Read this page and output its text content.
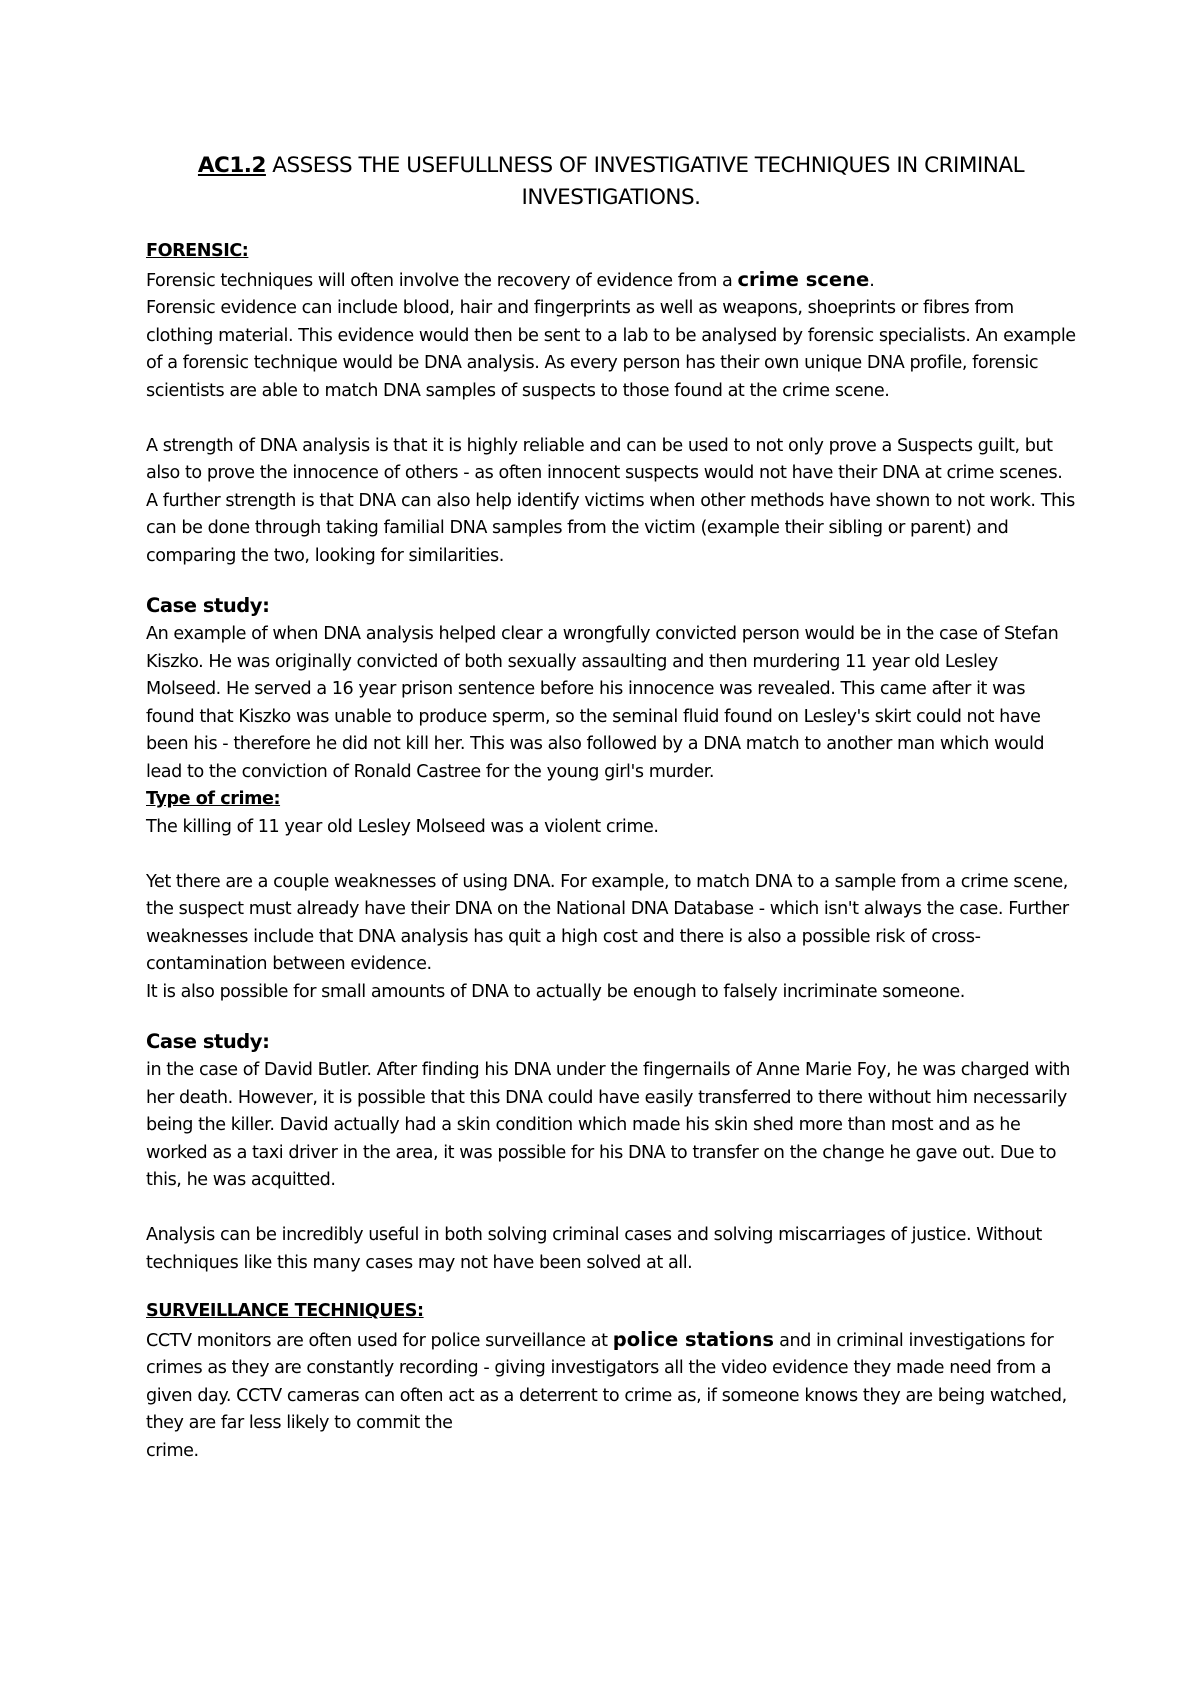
AC1.2 ASSESS THE USEFULLNESS OF INVESTIGATIVE TECHNIQUES IN CRIMINAL INVESTIGATIONS.
FORENSIC:

Forensic techniques will often involve the recovery of evidence from a crime scene.

Forensic evidence can include blood, hair and fingerprints as well as weapons, shoeprints or fibres from clothing material. This evidence would then be sent to a lab to be analysed by forensic specialists. An example of a forensic technique would be DNA analysis. As every person has their own unique DNA profile, forensic scientists are able to match DNA samples of suspects to those found at the crime scene.

A strength of DNA analysis is that it is highly reliable and can be used to not only prove a Suspects guilt, but also to prove the innocence of others - as often innocent suspects would not have their DNA at crime scenes.

A further strength is that DNA can also help identify victims when other methods have shown to not work. This can be done through taking familial DNA samples from the victim (example their sibling or parent) and comparing the two, looking for similarities.

Case study:

An example of when DNA analysis helped clear a wrongfully convicted person would be in the case of Stefan Kiszko. He was originally convicted of both sexually assaulting and then murdering 11 year old Lesley Molseed. He served a 16 year prison sentence before his innocence was revealed. This came after it was found that Kiszko was unable to produce sperm, so the seminal fluid found on Lesley's skirt could not have been his - therefore he did not kill her. This was also followed by a DNA match to another man which would lead to the conviction of Ronald Castree for the young girl's murder.

Type of crime:

The killing of 11 year old Lesley Molseed was a violent crime.

Yet there are a couple weaknesses of using DNA. For example, to match DNA to a sample from a crime scene, the suspect must already have their DNA on the National DNA Database - which isn't always the case. Further weaknesses include that DNA analysis has quit a high cost and there is also a possible risk of cross-contamination between evidence.

It is also possible for small amounts of DNA to actually be enough to falsely incriminate someone.

Case study:

in the case of David Butler. After finding his DNA under the fingernails of Anne Marie Foy, he was charged with her death. However, it is possible that this DNA could have easily transferred to there without him necessarily being the killer. David actually had a skin condition which made his skin shed more than most and as he worked as a taxi driver in the area, it was possible for his DNA to transfer on the change he gave out. Due to this, he was acquitted.

Analysis can be incredibly useful in both solving criminal cases and solving miscarriages of justice. Without techniques like this many cases may not have been solved at all.

SURVEILLANCE TECHNIQUES:

CCTV monitors are often used for police surveillance at police stations and in criminal investigations for crimes as they are constantly recording - giving investigators all the video evidence they made need from a given day. CCTV cameras can often act as a deterrent to crime as, if someone knows they are being watched, they are far less likely to commit the

crime.
